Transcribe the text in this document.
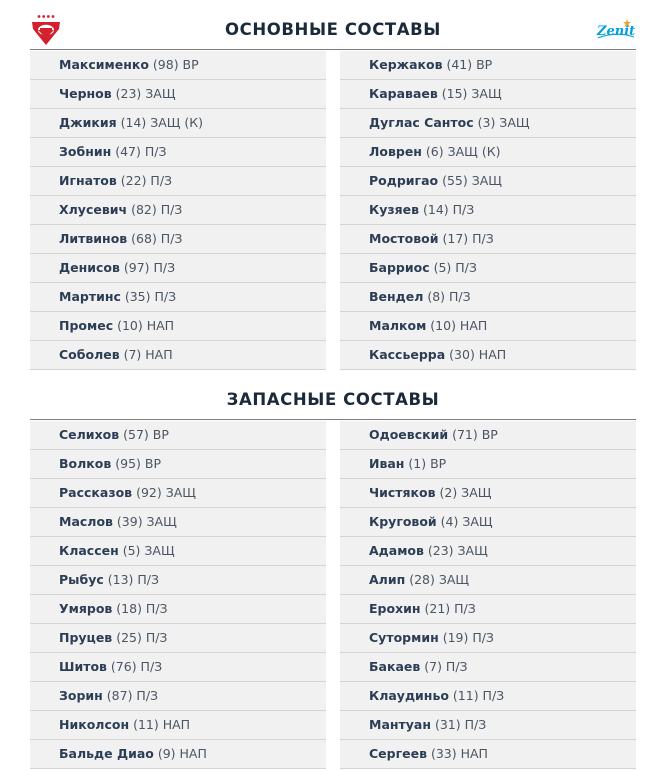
Zenit
ОСНОВНЫЕ СОСТАВЫ
Максименко (98) ВР
Чернов (23) ЗАЩ
Джикия (14) ЗАЩ (К)
Зобнин (47) П/З
Игнатов (22) П/З
Хлусевич (82) П/З
Литвинов (68) П/З
Денисов (97) П/З
Мартинс (35) П/З
Промес (10) НАП
Соболев (7) НАП
Кержаков (41) ВР
Караваев (15) ЗАЩ
Дуглас Сантос (3) ЗАЩ
Ловрен (6) ЗАЩ (К)
Родригао (55) ЗАЩ
Кузяев (14) П/З
Мостовой (17) П/З
Барриос (5) П/З
Вендел (8) П/З
Малком (10) НАП
Кассьерра (30) НАП
ЗАПАСНЫЕ СОСТАВЫ
Селихов (57) ВР
Волков (95) ВР
Рассказов (92) ЗАЩ
Маслов (39) ЗАЩ
Классен (5) ЗАЩ
Рыбус (13) П/З
Умяров (18) П/З
Пруцев (25) П/З
Шитов (76) П/З
Зорин (87) П/З
Николсон (11) НАП
Бальде Диао (9) НАП
Одоевский (71) ВР
Иван (1) ВР
Чистяков (2) ЗАЩ
Круговой (4) ЗАЩ
Адамов (23) ЗАЩ
Алип (28) ЗАЩ
Ерохин (21) П/З
Сутормин (19) П/З
Бакаев (7) П/З
Клаудиньо (11) П/З
Мантуан (31) П/З
Сергеев (33) НАП
